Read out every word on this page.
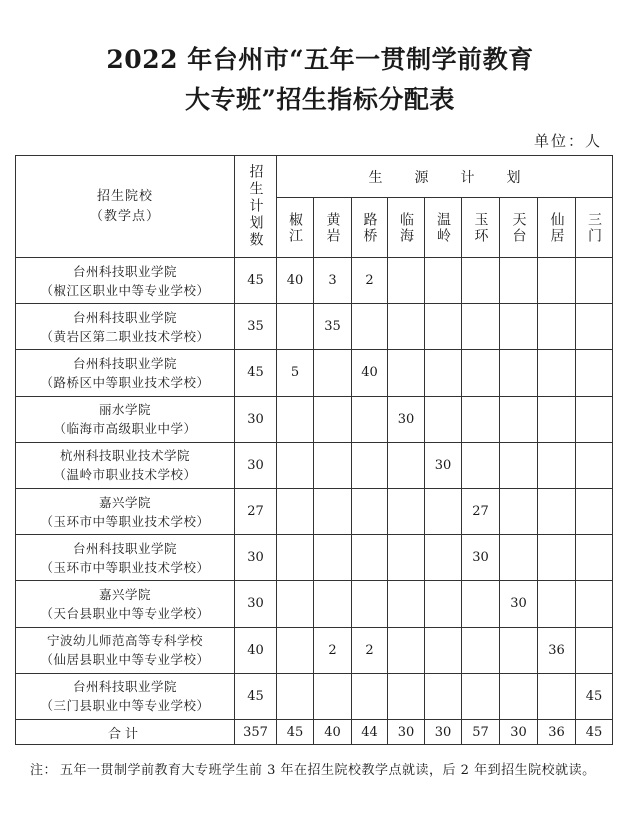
2022 年台州市“五年一贯制学前教育
大专班”招生指标分配表
单位：人
招生院校
（教学点）	招生计划数	生 源 计 划								

		椒江	黄岩	路桥	临海	温岭	玉环	天台	仙居	三门

台州科技职业学院
（椒江区职业中等专业学校）	45	40	3	2						

台州科技职业学院
（黄岩区第二职业技术学校）	35		35							

台州科技职业学院
（路桥区中等职业技术学校）	45	5		40						

丽水学院
（临海市高级职业中学）	30				30					

杭州科技职业技术学院
（温岭市职业技术学校）	30					30				

嘉兴学院
（玉环市中等职业技术学校）	27						27			

台州科技职业学院
（玉环市中等职业技术学校）	30						30			

嘉兴学院
（天台县职业中等专业学校）	30							30		

宁波幼儿师范高等专科学校
（仙居县职业中等专业学校）	40		2	2					36	

台州科技职业学院
（三门县职业中等专业学校）	45									45
合计	357	45	40	44	30	30	57	30	36	45
注： 五年一贯制学前教育大专班学生前 3 年在招生院校教学点就读，后 2 年到招生院校就读。
